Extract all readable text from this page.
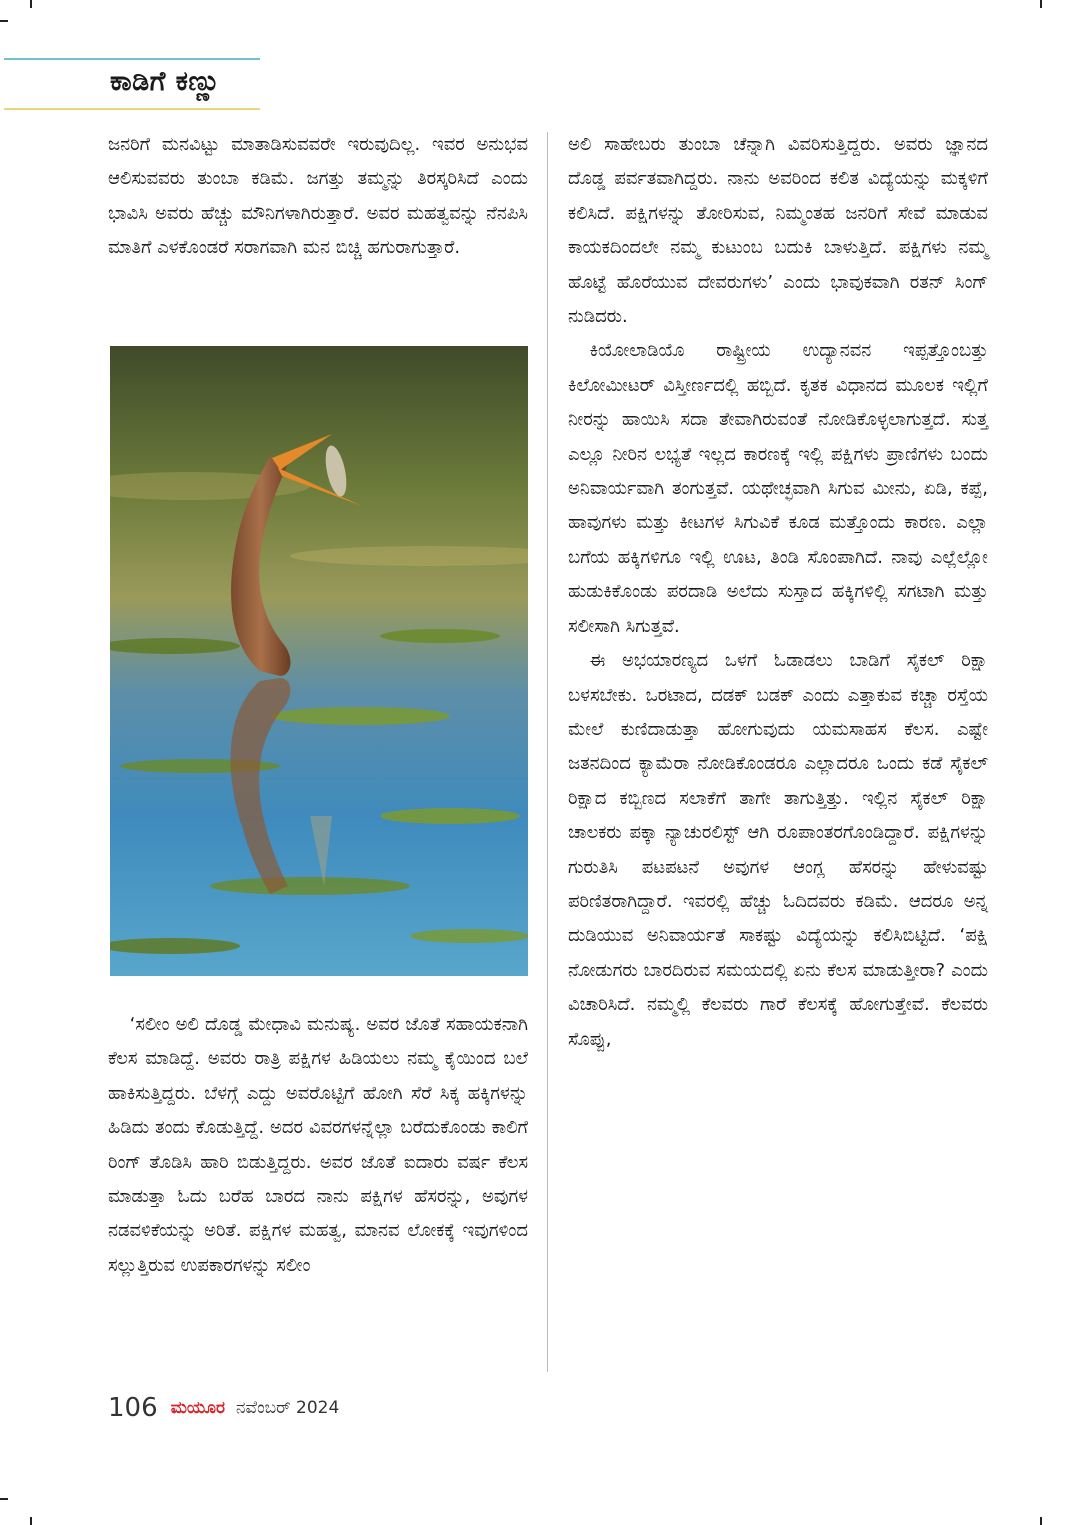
ಕಾಡಿಗೆ ಕಣ್ಣು

ಜನರಿಗೆ ಮನವಿಟ್ಟು ಮಾತಾಡಿಸುವವರೇ ಇರುವುದಿಲ್ಲ. ಇವರ ಅನುಭವ ಆಲಿಸುವವರು ತುಂಬಾ ಕಡಿಮೆ. ಜಗತ್ತು ತಮ್ಮನ್ನು ತಿರಸ್ಕರಿಸಿದೆ ಎಂದು ಭಾವಿಸಿ ಅವರು ಹೆಚ್ಚು ಮೌನಿಗಳಾಗಿರುತ್ತಾರೆ. ಅವರ ಮಹತ್ವವನ್ನು ನೆನಪಿಸಿ ಮಾತಿಗೆ ಎಳಕೊಂಡರೆ ಸರಾಗವಾಗಿ ಮನ ಬಿಚ್ಚಿ ಹಗುರಾಗುತ್ತಾರೆ.

‘ಸಲೀಂ ಅಲಿ ದೊಡ್ಡ ಮೇಧಾವಿ ಮನುಷ್ಯ. ಅವರ ಜೊತೆ ಸಹಾಯಕನಾಗಿ ಕೆಲಸ ಮಾಡಿದ್ದೆ. ಅವರು ರಾತ್ರಿ ಪಕ್ಷಿಗಳ ಹಿಡಿಯಲು ನಮ್ಮ ಕೈಯಿಂದ ಬಲೆ ಹಾಕಿಸುತ್ತಿದ್ದರು. ಬೆಳಗ್ಗೆ ಎದ್ದು ಅವರೊಟ್ಟಿಗೆ ಹೋಗಿ ಸೆರೆ ಸಿಕ್ಕ ಹಕ್ಕಿಗಳನ್ನು ಹಿಡಿದು ತಂದು ಕೊಡುತ್ತಿದ್ದೆ. ಅದರ ವಿವರಗಳನ್ನೆಲ್ಲಾ ಬರೆದುಕೊಂಡು ಕಾಲಿಗೆ ರಿಂಗ್ ತೊಡಿಸಿ ಹಾರಿ ಬಿಡುತ್ತಿದ್ದರು. ಅವರ ಜೊತೆ ಐದಾರು ವರ್ಷ ಕೆಲಸ ಮಾಡುತ್ತಾ ಓದು ಬರೆಹ ಬಾರದ ನಾನು ಪಕ್ಷಿಗಳ ಹೆಸರನ್ನು, ಅವುಗಳ ನಡವಳಿಕೆಯನ್ನು ಅರಿತೆ. ಪಕ್ಷಿಗಳ ಮಹತ್ವ, ಮಾನವ ಲೋಕಕ್ಕೆ ಇವುಗಳಿಂದ ಸಲ್ಲುತ್ತಿರುವ ಉಪಕಾರಗಳನ್ನು ಸಲೀಂ

ಅಲಿ ಸಾಹೇಬರು ತುಂಬಾ ಚೆನ್ನಾಗಿ ವಿವರಿಸುತ್ತಿದ್ದರು. ಅವರು ಜ್ಞಾನದ ದೊಡ್ಡ ಪರ್ವತವಾಗಿದ್ದರು. ನಾನು ಅವರಿಂದ ಕಲಿತ ವಿದ್ಯೆಯನ್ನು ಮಕ್ಕಳಿಗೆ ಕಲಿಸಿದೆ. ಪಕ್ಷಿಗಳನ್ನು ತೋರಿಸುವ, ನಿಮ್ಮಂತಹ ಜನರಿಗೆ ಸೇವೆ ಮಾಡುವ ಕಾಯಕದಿಂದಲೇ ನಮ್ಮ ಕುಟುಂಬ ಬದುಕಿ ಬಾಳುತ್ತಿದೆ. ಪಕ್ಷಿಗಳು ನಮ್ಮ ಹೊಟ್ಟೆ ಹೊರೆಯುವ ದೇವರುಗಳು’ ಎಂದು ಭಾವುಕವಾಗಿ ರತನ್ ಸಿಂಗ್ ನುಡಿದರು.

ಕಿಯೋಲಾಡಿಯೊ ರಾಷ್ಟ್ರೀಯ ಉದ್ಯಾನವನ ಇಪ್ಪತ್ತೊಂಬತ್ತು ಕಿಲೋಮೀಟರ್ ವಿಸ್ತೀರ್ಣದಲ್ಲಿ ಹಬ್ಬಿದೆ. ಕೃತಕ ವಿಧಾನದ ಮೂಲಕ ಇಲ್ಲಿಗೆ ನೀರನ್ನು ಹಾಯಿಸಿ ಸದಾ ತೇವಾಗಿರುವಂತೆ ನೋಡಿಕೊಳ್ಳಲಾಗುತ್ತದೆ. ಸುತ್ತ ಎಲ್ಲೂ ನೀರಿನ ಲಭ್ಯತೆ ಇಲ್ಲದ ಕಾರಣಕ್ಕೆ ಇಲ್ಲಿ ಪಕ್ಷಿಗಳು ಪ್ರಾಣಿಗಳು ಬಂದು ಅನಿವಾರ್ಯವಾಗಿ ತಂಗುತ್ತವೆ. ಯಥೇಚ್ಛವಾಗಿ ಸಿಗುವ ಮೀನು, ಏಡಿ, ಕಪ್ಪೆ, ಹಾವುಗಳು ಮತ್ತು ಕೀಟಗಳ ಸಿಗುವಿಕೆ ಕೂಡ ಮತ್ತೊಂದು ಕಾರಣ. ಎಲ್ಲಾ ಬಗೆಯ ಹಕ್ಕಿಗಳಿಗೂ ಇಲ್ಲಿ ಊಟ, ತಿಂಡಿ ಸೊಂಪಾಗಿದೆ. ನಾವು ಎಲ್ಲೆಲ್ಲೋ ಹುಡುಕಿಕೊಂಡು ಪರದಾಡಿ ಅಲೆದು ಸುಸ್ತಾದ ಹಕ್ಕಿಗಳಿಲ್ಲಿ ಸಗಟಾಗಿ ಮತ್ತು ಸಲೀಸಾಗಿ ಸಿಗುತ್ತವೆ.

ಈ ಅಭಯಾರಣ್ಯದ ಒಳಗೆ ಓಡಾಡಲು ಬಾಡಿಗೆ ಸೈಕಲ್ ರಿಕ್ಷಾ ಬಳಸಬೇಕು. ಒರಟಾದ, ದಡಕ್ ಬಡಕ್ ಎಂದು ಎತ್ತಾಕುವ ಕಚ್ಚಾ ರಸ್ತೆಯ ಮೇಲೆ ಕುಣಿದಾಡುತ್ತಾ ಹೋಗುವುದು ಯಮಸಾಹಸ ಕೆಲಸ. ಎಷ್ಟೇ ಜತನದಿಂದ ಕ್ಯಾಮೆರಾ ನೋಡಿಕೊಂಡರೂ ಎಲ್ಲಾದರೂ ಒಂದು ಕಡೆ ಸೈಕಲ್ ರಿಕ್ಷಾದ ಕಬ್ಬಿಣದ ಸಲಾಕೆಗೆ ತಾಗೇ ತಾಗುತ್ತಿತ್ತು. ಇಲ್ಲಿನ ಸೈಕಲ್ ರಿಕ್ಷಾ ಚಾಲಕರು ಪಕ್ಕಾ ನ್ಯಾಚುರಲಿಸ್ಟ್ ಆಗಿ ರೂಪಾಂತರಗೊಂಡಿದ್ದಾರೆ. ಪಕ್ಷಿಗಳನ್ನು ಗುರುತಿಸಿ ಪಟಪಟನೆ ಅವುಗಳ ಆಂಗ್ಲ ಹೆಸರನ್ನು ಹೇಳುವಷ್ಟು ಪರಿಣಿತರಾಗಿದ್ದಾರೆ. ಇವರಲ್ಲಿ ಹೆಚ್ಚು ಓದಿದವರು ಕಡಿಮೆ. ಆದರೂ ಅನ್ನ ದುಡಿಯುವ ಅನಿವಾರ್ಯತೆ ಸಾಕಷ್ಟು ವಿದ್ಯೆಯನ್ನು ಕಲಿಸಿಬಿಟ್ಟಿದೆ. ‘ಪಕ್ಷಿ ನೋಡುಗರು ಬಾರದಿರುವ ಸಮಯದಲ್ಲಿ ಏನು ಕೆಲಸ ಮಾಡುತ್ತೀರಾ? ಎಂದು ವಿಚಾರಿಸಿದೆ. ನಮ್ಮಲ್ಲಿ ಕೆಲವರು ಗಾರೆ ಕೆಲಸಕ್ಕೆ ಹೋಗುತ್ತೇವೆ. ಕೆಲವರು ಸೊಪ್ಪು,

106 ಮಯೂರ ನವೆಂಬರ್ 2024
